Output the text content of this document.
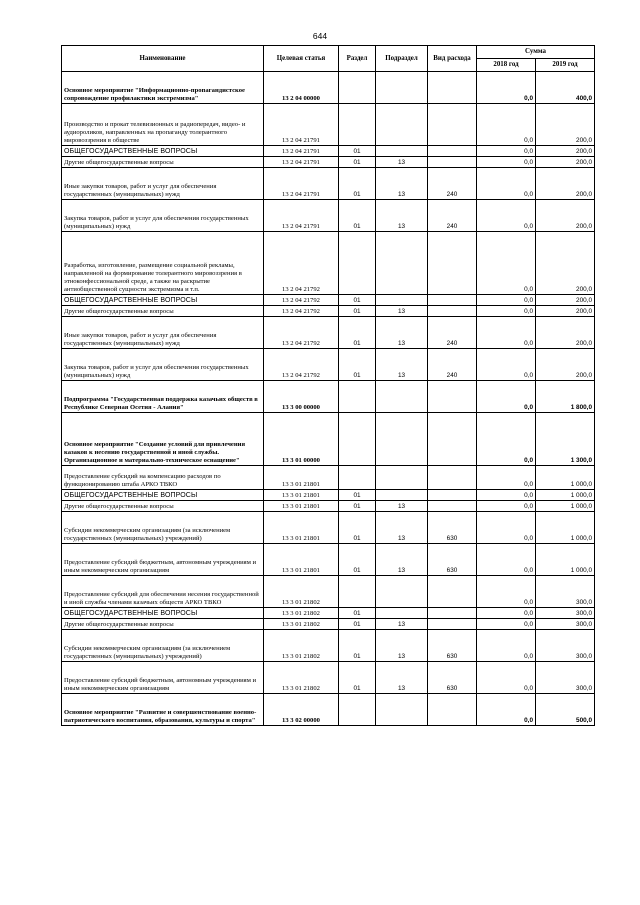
644
Наименование	Целевая статья	Раздел	Подраздел	Вид расхода	Сумма	
					2018 год	2019 год
Основное мероприятие "Информационно-пропагандистское сопровождение профилактики экстремизма"	13 2 04 00000				0,0	400,0
Производство и прокат телевизионных и радиопередач, видео- и аудиороликов, направленных на пропаганду толерантного мировоззрения в обществе	13 2 04 21791				0,0	200,0
ОБЩЕГОСУДАРСТВЕННЫЕ ВОПРОСЫ	13 2 04 21791	01			0,0	200,0
Другие общегосударственные вопросы	13 2 04 21791	01	13		0,0	200,0
Иные закупки товаров, работ и услуг для обеспечения государственных (муниципальных) нужд	13 2 04 21791	01	13	240	0,0	200,0
Закупка товаров, работ и услуг для обеспечения государственных (муниципальных) нужд	13 2 04 21791	01	13	240	0,0	200,0
Разработка, изготовление, размещение социальной рекламы, направленной на формирование толерантного мировоззрения в этноконфессиональной среде, а также на раскрытие антиобщественной сущности экстремизма и т.п.	13 2 04 21792				0,0	200,0
ОБЩЕГОСУДАРСТВЕННЫЕ ВОПРОСЫ	13 2 04 21792	01			0,0	200,0
Другие общегосударственные вопросы	13 2 04 21792	01	13		0,0	200,0
Иные закупки товаров, работ и услуг для обеспечения государственных (муниципальных) нужд	13 2 04 21792	01	13	240	0,0	200,0
Закупка товаров, работ и услуг для обеспечения государственных (муниципальных) нужд	13 2 04 21792	01	13	240	0,0	200,0
Подпрограмма "Государственная поддержка казачьих обществ в Республике Северная Осетия - Алания"	13 3 00 00000				0,0	1 800,0
Основное мероприятие "Создание условий для привлечения казаков к несению государственной и иной службы. Организационное и материально-техническое оснащение"	13 3 01 00000				0,0	1 300,0
Предоставление субсидий на компенсацию расходов по функционированию штаба АРКО ТВКО	13 3 01 21801				0,0	1 000,0
ОБЩЕГОСУДАРСТВЕННЫЕ ВОПРОСЫ	13 3 01 21801	01			0,0	1 000,0
Другие общегосударственные вопросы	13 3 01 21801	01	13		0,0	1 000,0
Субсидии некоммерческим организациям (за исключением государственных (муниципальных) учреждений)	13 3 01 21801	01	13	630	0,0	1 000,0
Предоставление субсидий бюджетным, автономным учреждениям и иным некоммерческим организациям	13 3 01 21801	01	13	630	0,0	1 000,0
Предоставление субсидий для обеспечения несения государственной и иной службы членами казачьих обществ АРКО ТВКО	13 3 01 21802				0,0	300,0
ОБЩЕГОСУДАРСТВЕННЫЕ ВОПРОСЫ	13 3 01 21802	01			0,0	300,0
Другие общегосударственные вопросы	13 3 01 21802	01	13		0,0	300,0
Субсидии некоммерческим организациям (за исключением государственных (муниципальных) учреждений)	13 3 01 21802	01	13	630	0,0	300,0
Предоставление субсидий бюджетным, автономным учреждениям и иным некоммерческим организациям	13 3 01 21802	01	13	630	0,0	300,0
Основное мероприятие "Развитие и совершенствование военно-патриотического воспитания, образования, культуры и спорта"	13 3 02 00000				0,0	500,0
